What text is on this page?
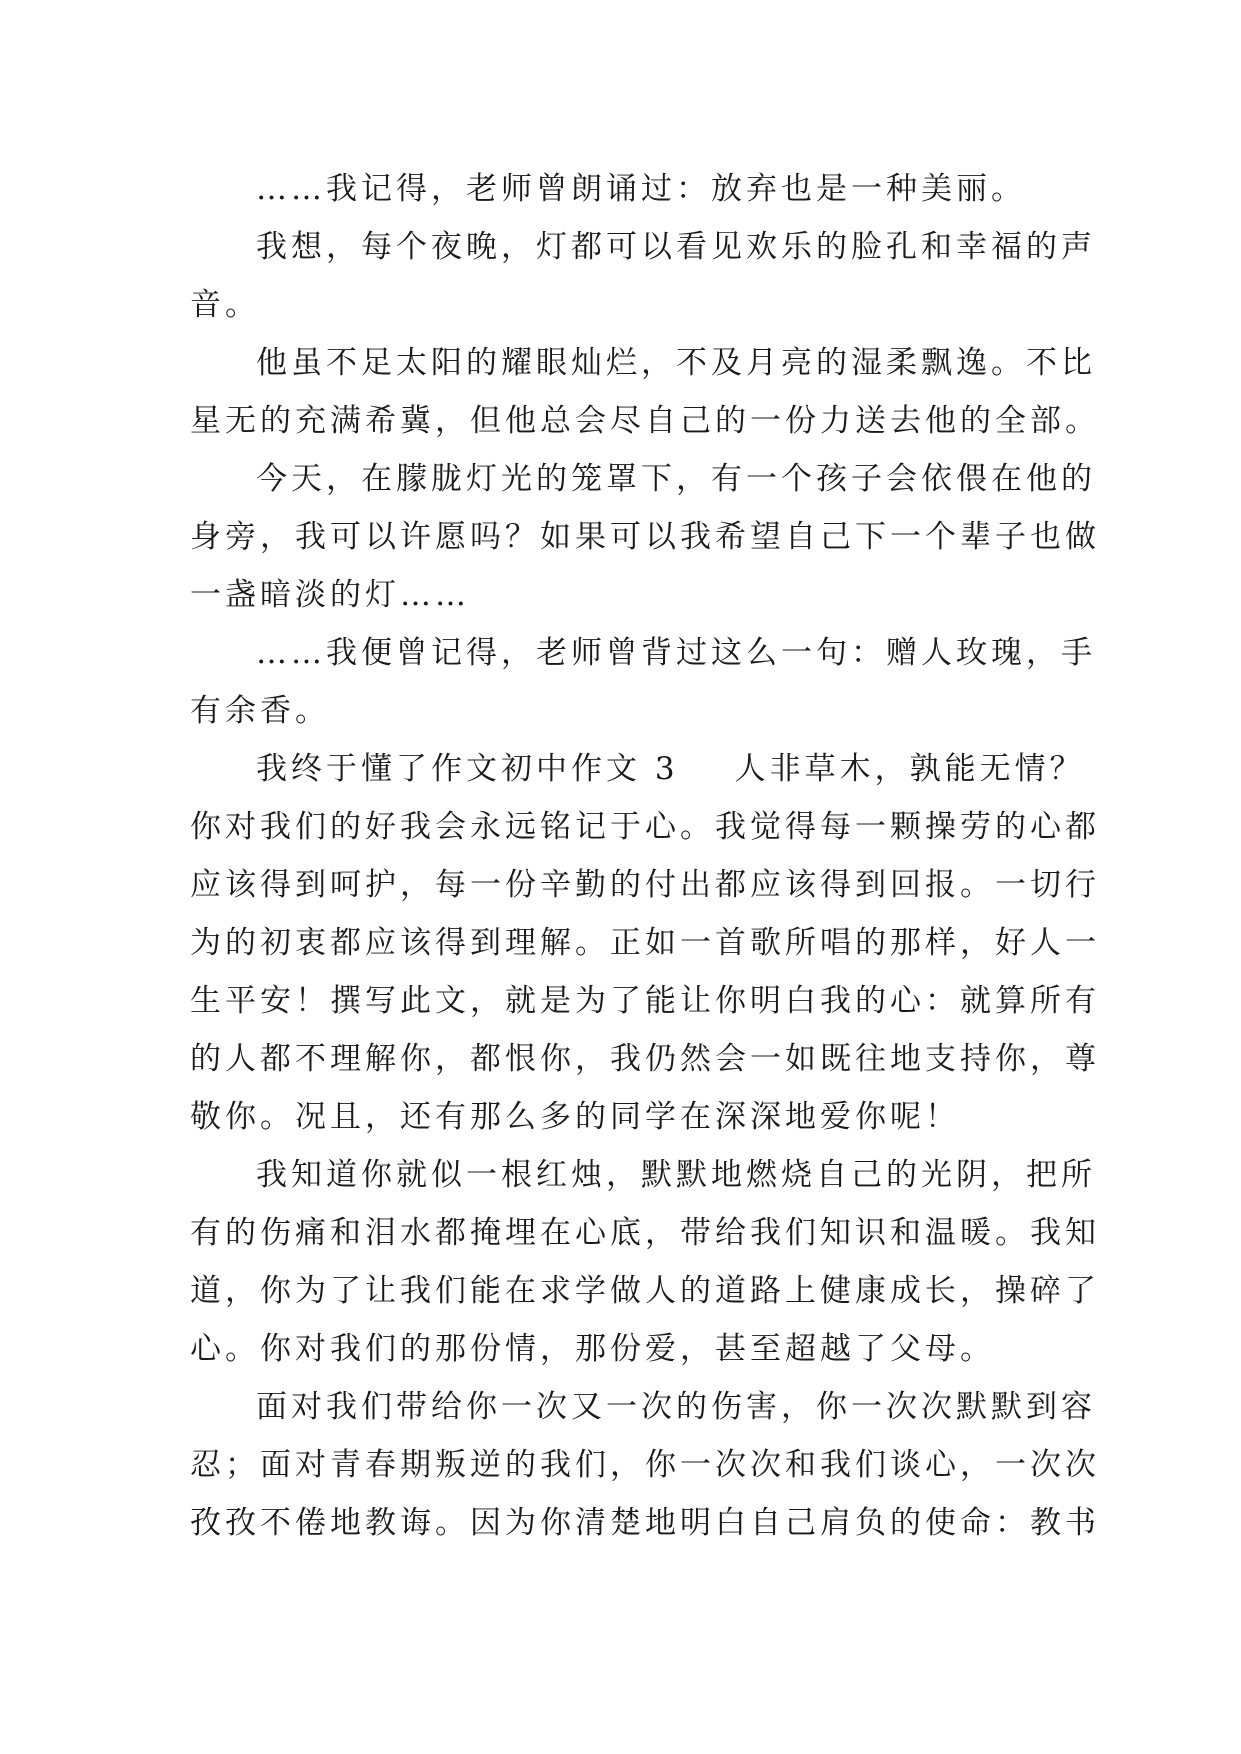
……我记得，老师曾朗诵过：放弃也是一种美丽。
我想，每个夜晚，灯都可以看见欢乐的脸孔和幸福的声
音。
他虽不足太阳的耀眼灿烂，不及月亮的湿柔飘逸。不比
星无的充满希冀，但他总会尽自己的一份力送去他的全部。
今天，在朦胧灯光的笼罩下，有一个孩子会依偎在他的
身旁，我可以许愿吗？如果可以我希望自己下一个辈子也做
一盏暗淡的灯……
……我便曾记得，老师曾背过这么一句：赠人玫瑰，手
有余香。
我终于懂了作文初中作文 3 人非草木，孰能无情？
你对我们的好我会永远铭记于心。我觉得每一颗操劳的心都
应该得到呵护，每一份辛勤的付出都应该得到回报。一切行
为的初衷都应该得到理解。正如一首歌所唱的那样，好人一
生平安！撰写此文，就是为了能让你明白我的心：就算所有
的人都不理解你，都恨你，我仍然会一如既往地支持你，尊
敬你。况且，还有那么多的同学在深深地爱你呢！
我知道你就似一根红烛，默默地燃烧自己的光阴，把所
有的伤痛和泪水都掩埋在心底，带给我们知识和温暖。我知
道，你为了让我们能在求学做人的道路上健康成长，操碎了
心。你对我们的那份情，那份爱，甚至超越了父母。
面对我们带给你一次又一次的伤害，你一次次默默到容
忍；面对青春期叛逆的我们，你一次次和我们谈心，一次次
孜孜不倦地教诲。因为你清楚地明白自己肩负的使命：教书
